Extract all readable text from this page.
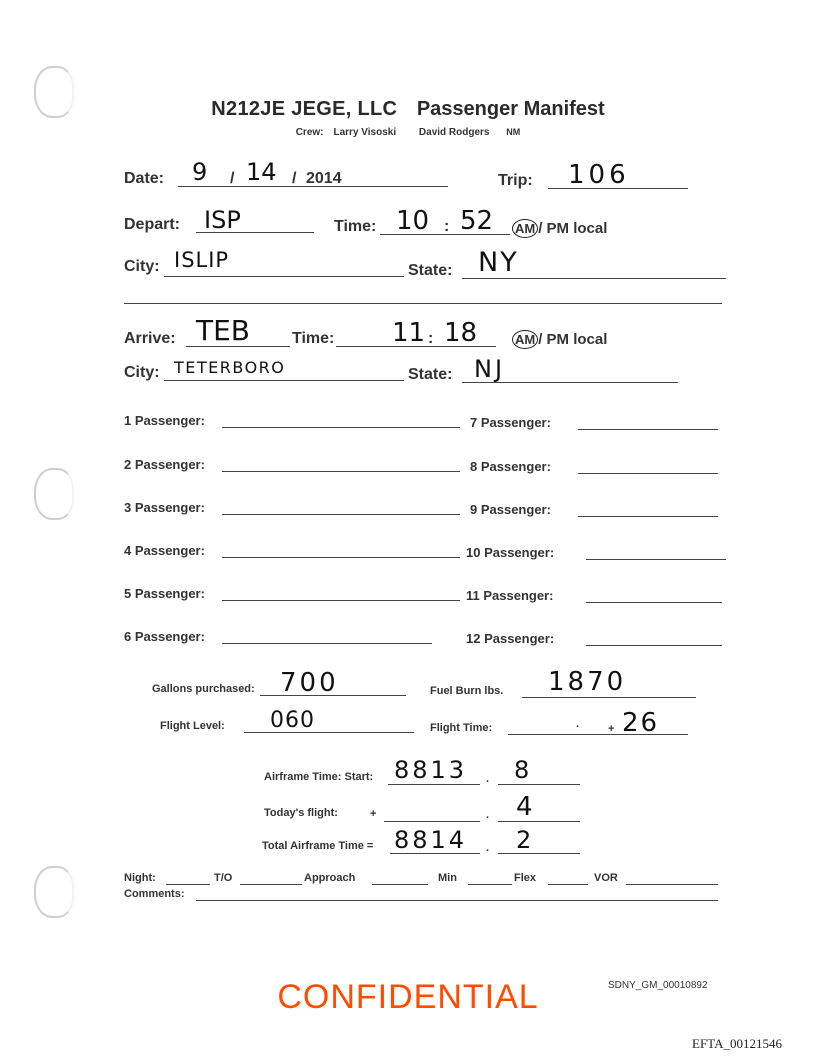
N212JE JEGE, LLC Passenger Manifest
Crew: Larry Visoski David Rodgers NM
Date: 9 / 14 / 2014	Trip: 106
Depart: ISP	Time: 10 : 52 AM / PM local
City: ISLIP	State: NY
Arrive: TEB	Time: 11 : 18	AM / PM local
City: TETERBORO	State: NJ
1 Passenger:
2 Passenger:
3 Passenger:
4 Passenger:
5 Passenger:
6 Passenger:
7 Passenger:
8 Passenger:
9 Passenger:
10 Passenger:
11 Passenger:
12 Passenger:
Gallons purchased: 700	Fuel Burn lbs. 1870
Flight Level: 060	Flight Time:	.	+ 26
Airframe Time: Start: 8813 . 8
Today's flight:	+	. 4
Total Airframe Time = 8814 . 2
Night:	T/O	Approach	Min	Flex	VOR
Comments:
CONFIDENTIAL	SDNY_GM_00010892
EFTA_00121546
